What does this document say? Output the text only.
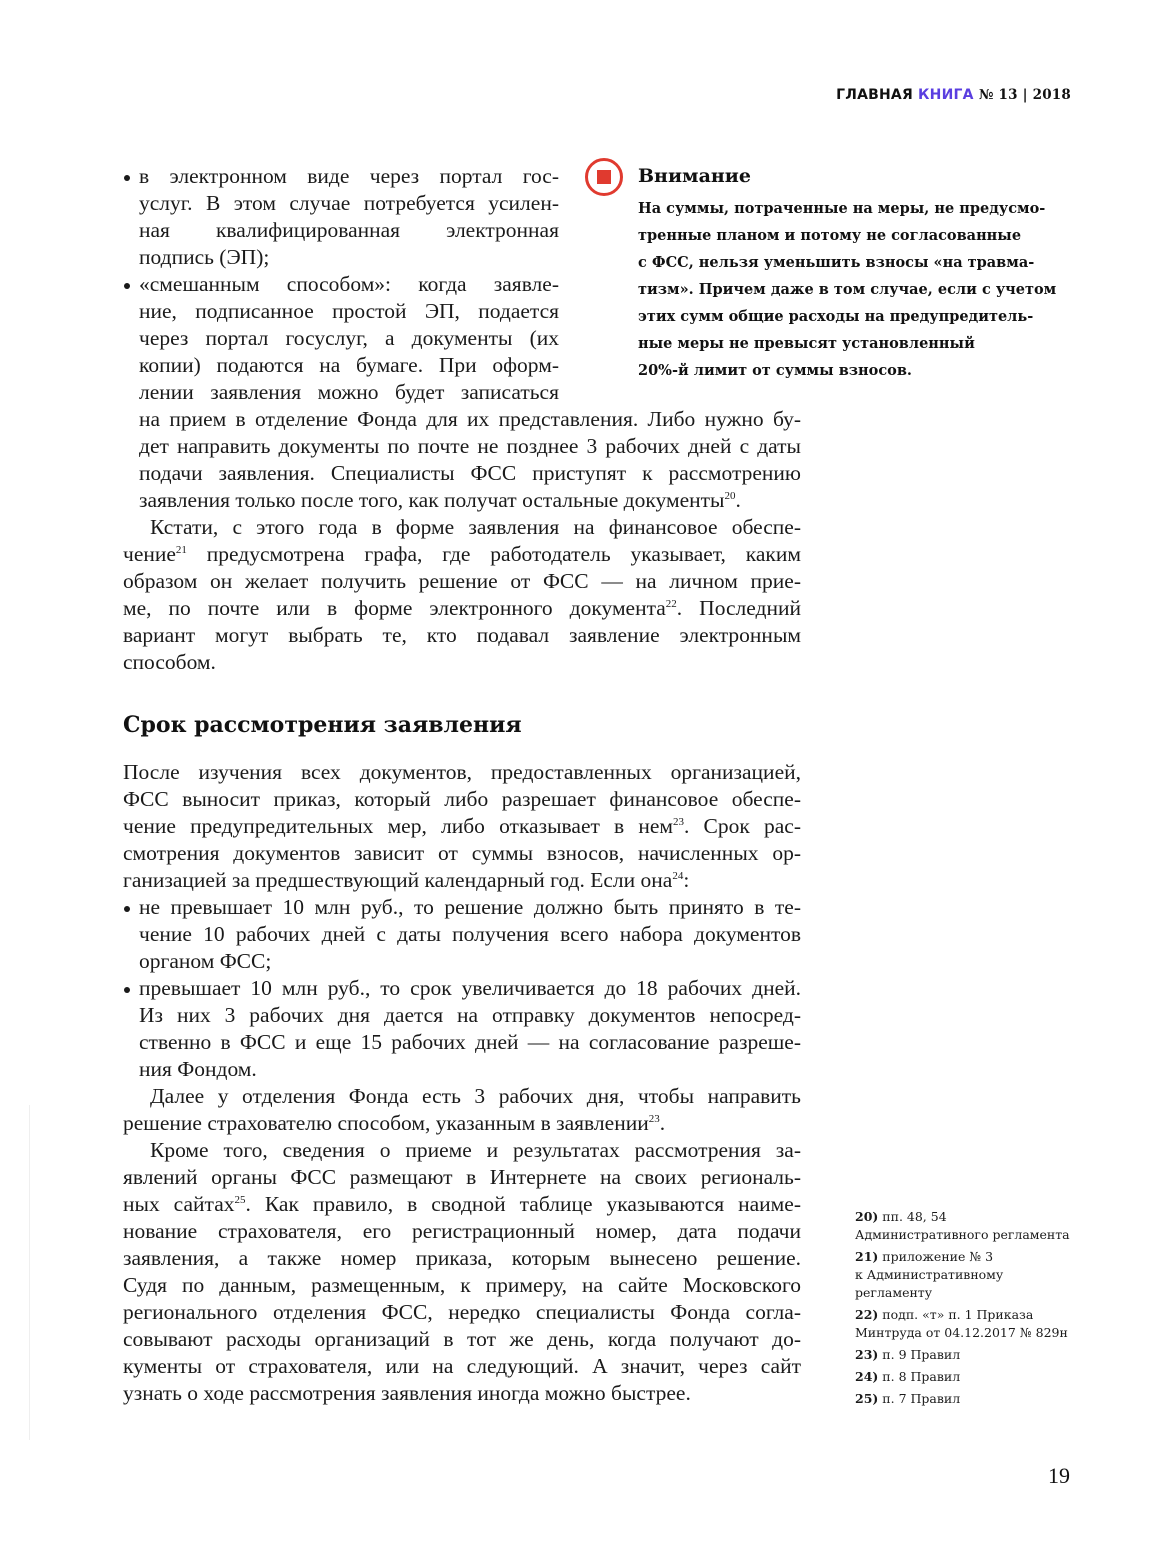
ГЛАВНАЯ КНИГА № 13 | 2018
в электронном виде через портал гос-
услуг. В этом случае потребуется усилен-
ная квалифицированная электронная
подпись (ЭП);
«смешанным способом»: когда заявле-
ние, подписанное простой ЭП, подается
через портал госуслуг, а документы (их
копии) подаются на бумаге. При оформ-
лении заявления можно будет записаться
на прием в отделение Фонда для их представления. Либо нужно бу-
дет направить документы по почте не позднее 3 рабочих дней с даты
подачи заявления. Специалисты ФСС приступят к рассмотрению
заявления только после того, как получат остальные документы$^{20}$.
Кстати, с этого года в форме заявления на финансовое обеспе-
чение$^{21}$ предусмотрена графа, где работодатель указывает, каким
образом он желает получить решение от ФСС — на личном прие-
ме, по почте или в форме электронного документа$^{22}$. Последний
вариант могут выбрать те, кто подавал заявление электронным
способом.
Внимание
На суммы, потраченные на меры, не предусмо-
тренные планом и потому не согласованные
с ФСС, нельзя уменьшить взносы «на травма-
тизм». Причем даже в том случае, если с учетом
этих сумм общие расходы на предупредитель-
ные меры не превысят установленный
20%-й лимит от суммы взносов.
Срок рассмотрения заявления
После изучения всех документов, предоставленных организацией,
ФСС выносит приказ, который либо разрешает финансовое обеспе-
чение предупредительных мер, либо отказывает в нем$^{23}$. Срок рас-
смотрения документов зависит от суммы взносов, начисленных ор-
ганизацией за предшествующий календарный год. Если она$^{24}$:
не превышает 10 млн руб., то решение должно быть принято в те-
чение 10 рабочих дней с даты получения всего набора документов
органом ФСС;
превышает 10 млн руб., то срок увеличивается до 18 рабочих дней.
Из них 3 рабочих дня дается на отправку документов непосред-
ственно в ФСС и еще 15 рабочих дней — на согласование разреше-
ния Фондом.
Далее у отделения Фонда есть 3 рабочих дня, чтобы направить
решение страхователю способом, указанным в заявлении$^{23}$.
Кроме того, сведения о приеме и результатах рассмотрения за-
явлений органы ФСС размещают в Интернете на своих региональ-
ных сайтах$^{25}$. Как правило, в сводной таблице указываются наиме-
нование страхователя, его регистрационный номер, дата подачи
заявления, а также номер приказа, которым вынесено решение.
Судя по данным, размещенным, к примеру, на сайте Московского
регионального отделения ФСС, нередко специалисты Фонда согла-
совывают расходы организаций в тот же день, когда получают до-
кументы от страхователя, или на следующий. А значит, через сайт
узнать о ходе рассмотрения заявления иногда можно быстрее.
20) пп. 48, 54
Административного регламента
21) приложение № 3
к Административному
регламенту
22) подп. «т» п. 1 Приказа
Минтруда от 04.12.2017 № 829н
23) п. 9 Правил
24) п. 8 Правил
25) п. 7 Правил
19
